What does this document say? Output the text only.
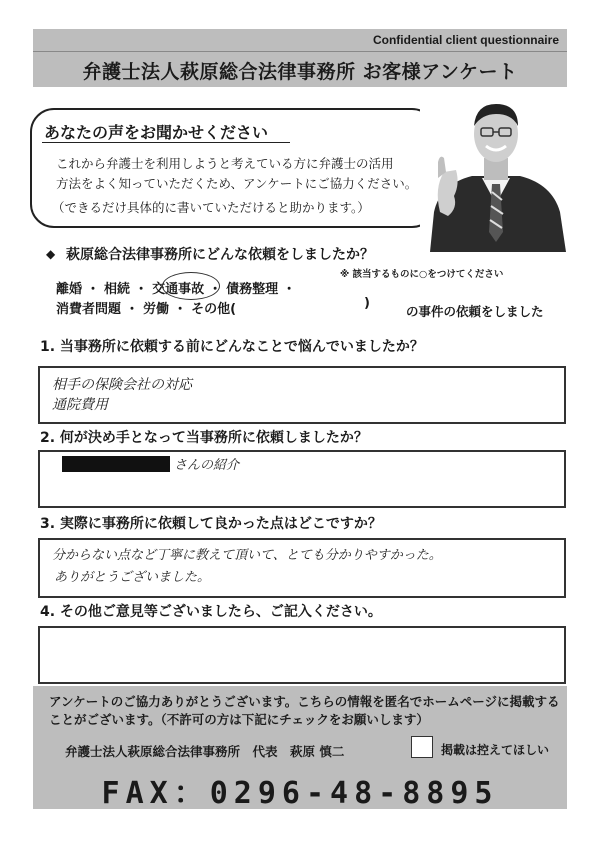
Confidential client questionnaire
弁護士法人萩原総合法律事務所 お客様アンケート
あなたの声をお聞かせください
これから弁護士を利用しようと考えている方に弁護士の活用
方法をよく知っていただくため、アンケートにご協力ください。
（できるだけ具体的に書いていただけると助かります。）
◆ 萩原総合法律事務所にどんな依頼をしましたか？
※ 該当するものに○をつけてください
離婚 ・ 相続 ・ 交通事故 ・ 債務整理 ・
消費者問題 ・ 労働 ・ その他(	)
の事件の依頼をしました
1. 当事務所に依頼する前にどんなことで悩んでいましたか？
相手の保険会社の対応
通院費用
2. 何が決め手となって当事務所に依頼しましたか？
さんの紹介
3. 実際に事務所に依頼して良かった点はどこですか？
分からない点など丁寧に教えて頂いて、とても分かりやすかった。
ありがとうございました。
4. その他ご意見等ございましたら、ご記入ください。
アンケートのご協力ありがとうございます。こちらの情報を匿名でホームページに掲載する
ことがございます。（不許可の方は下記にチェックをお願いします）
弁護士法人萩原総合法律事務所　代表　萩原 慎二	掲載は控えてほしい
FAX：0296-48-8895
